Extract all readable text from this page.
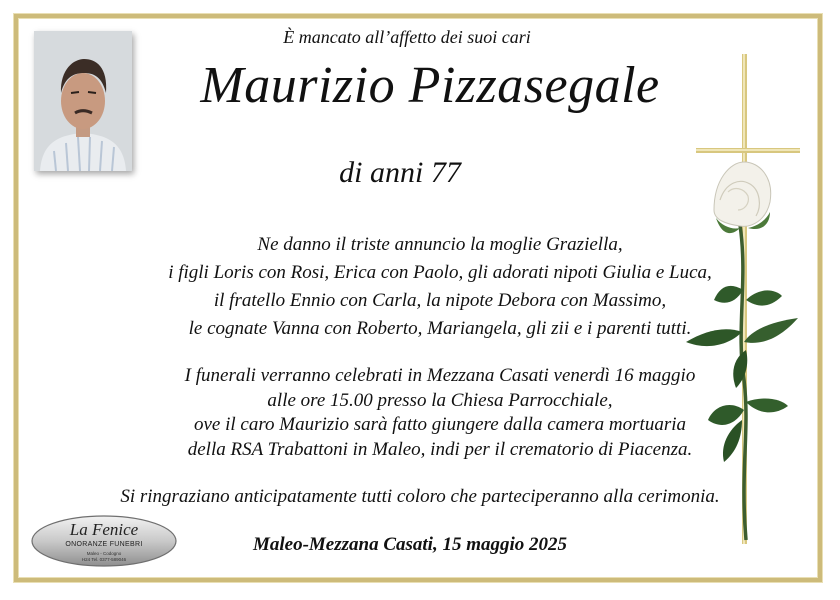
È mancato all’affetto dei suoi cari
Maurizio Pizzasegale
di anni 77
Ne danno il triste annuncio la moglie Graziella,
i figli Loris con Rosi, Erica con Paolo, gli adorati nipoti Giulia e Luca,
il fratello Ennio con Carla, la nipote Debora con Massimo,
le cognate Vanna con Roberto, Mariangela, gli zii e i parenti tutti.
I funerali verranno celebrati in Mezzana Casati venerdì 16 maggio
alle ore 15.00 presso la Chiesa Parrocchiale,
ove il caro Maurizio sarà fatto giungere dalla camera mortuaria
della RSA Trabattoni in Maleo, indi per il crematorio di Piacenza.
Si ringraziano anticipatamente tutti coloro che parteciperanno alla cerimonia.
Maleo-Mezzana Casati, 15 maggio 2025
La Fenice
ONORANZE FUNEBRI
Maleo - Codogno
H24 Tel. 0377-589046
